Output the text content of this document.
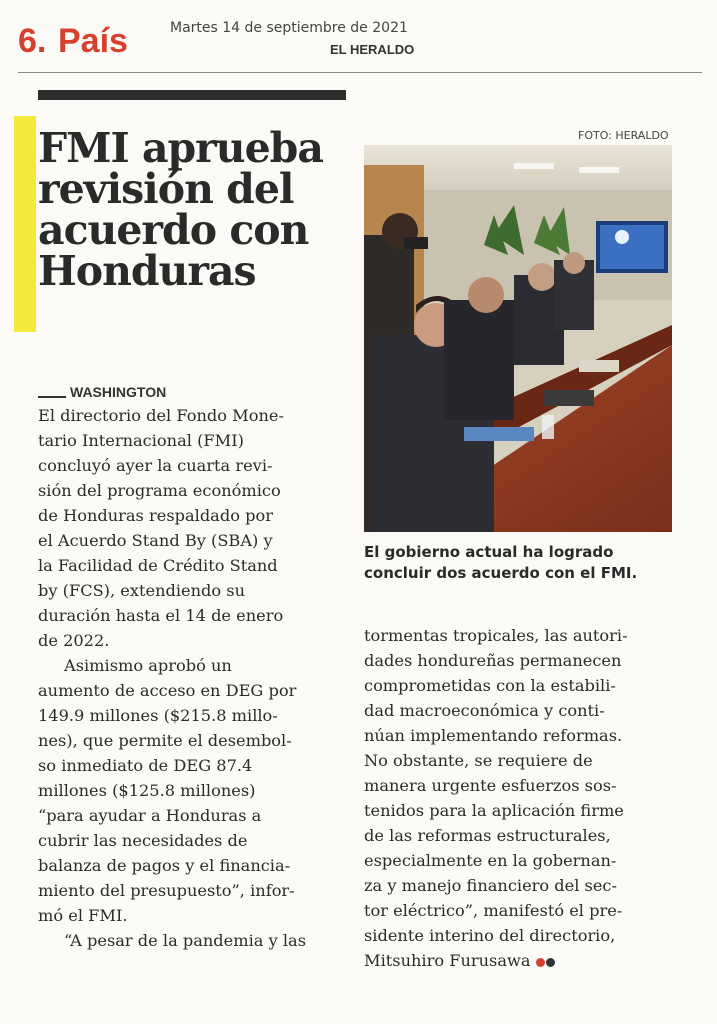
6. País	Martes 14 de septiembre de 2021
EL HERALDO
FMI aprueba
revisión del
acuerdo con
Honduras
FOTO: HERALDO
El gobierno actual ha logrado
concluir dos acuerdo con el FMI.
WASHINGTON

El directorio del Fondo Mone-
tario Internacional (FMI)
concluyó ayer la cuarta revi-
sión del programa económico
de Honduras respaldado por
el Acuerdo Stand By (SBA) y
la Facilidad de Crédito Stand
by (FCS), extendiendo su
duración hasta el 14 de enero
de 2022.

Asimismo aprobó un
aumento de acceso en DEG por
149.9 millones ($215.8 millo-
nes), que permite el desembol-
so inmediato de DEG 87.4
millones ($125.8 millones)
“para ayudar a Honduras a
cubrir las necesidades de
balanza de pagos y el financia-
miento del presupuesto”, infor-
mó el FMI.

“A pesar de la pandemia y las

tormentas tropicales, las autori-
dades hondureñas permanecen
comprometidas con la estabili-
dad macroeconómica y conti-
núan implementando reformas.
No obstante, se requiere de
manera urgente esfuerzos sos-
tenidos para la aplicación firme
de las reformas estructurales,
especialmente en la gobernan-
za y manejo financiero del sec-
tor eléctrico”, manifestó el pre-
sidente interino del directorio,
Mitsuhiro Furusawa
